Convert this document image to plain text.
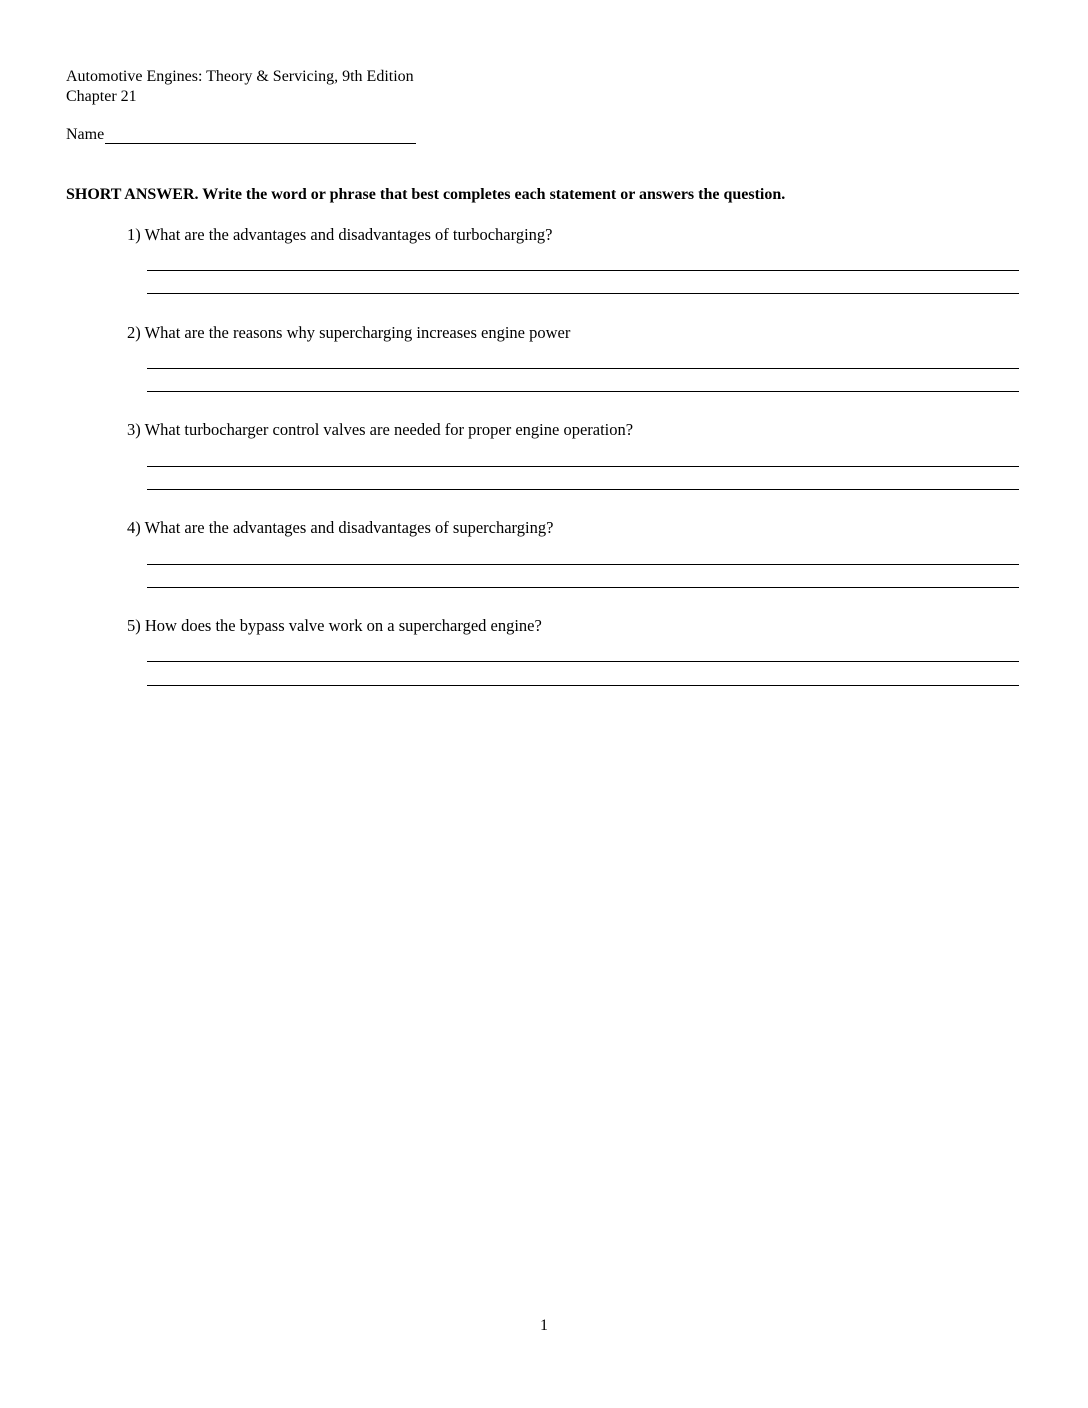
Automotive Engines: Theory & Servicing, 9th Edition
Chapter 21
Name
SHORT ANSWER. Write the word or phrase that best completes each statement or answers the question.
1) What are the advantages and disadvantages of turbocharging?
2) What are the reasons why supercharging increases engine power
3) What turbocharger control valves are needed for proper engine operation?
4) What are the advantages and disadvantages of supercharging?
5) How does the bypass valve work on a supercharged engine?
1
